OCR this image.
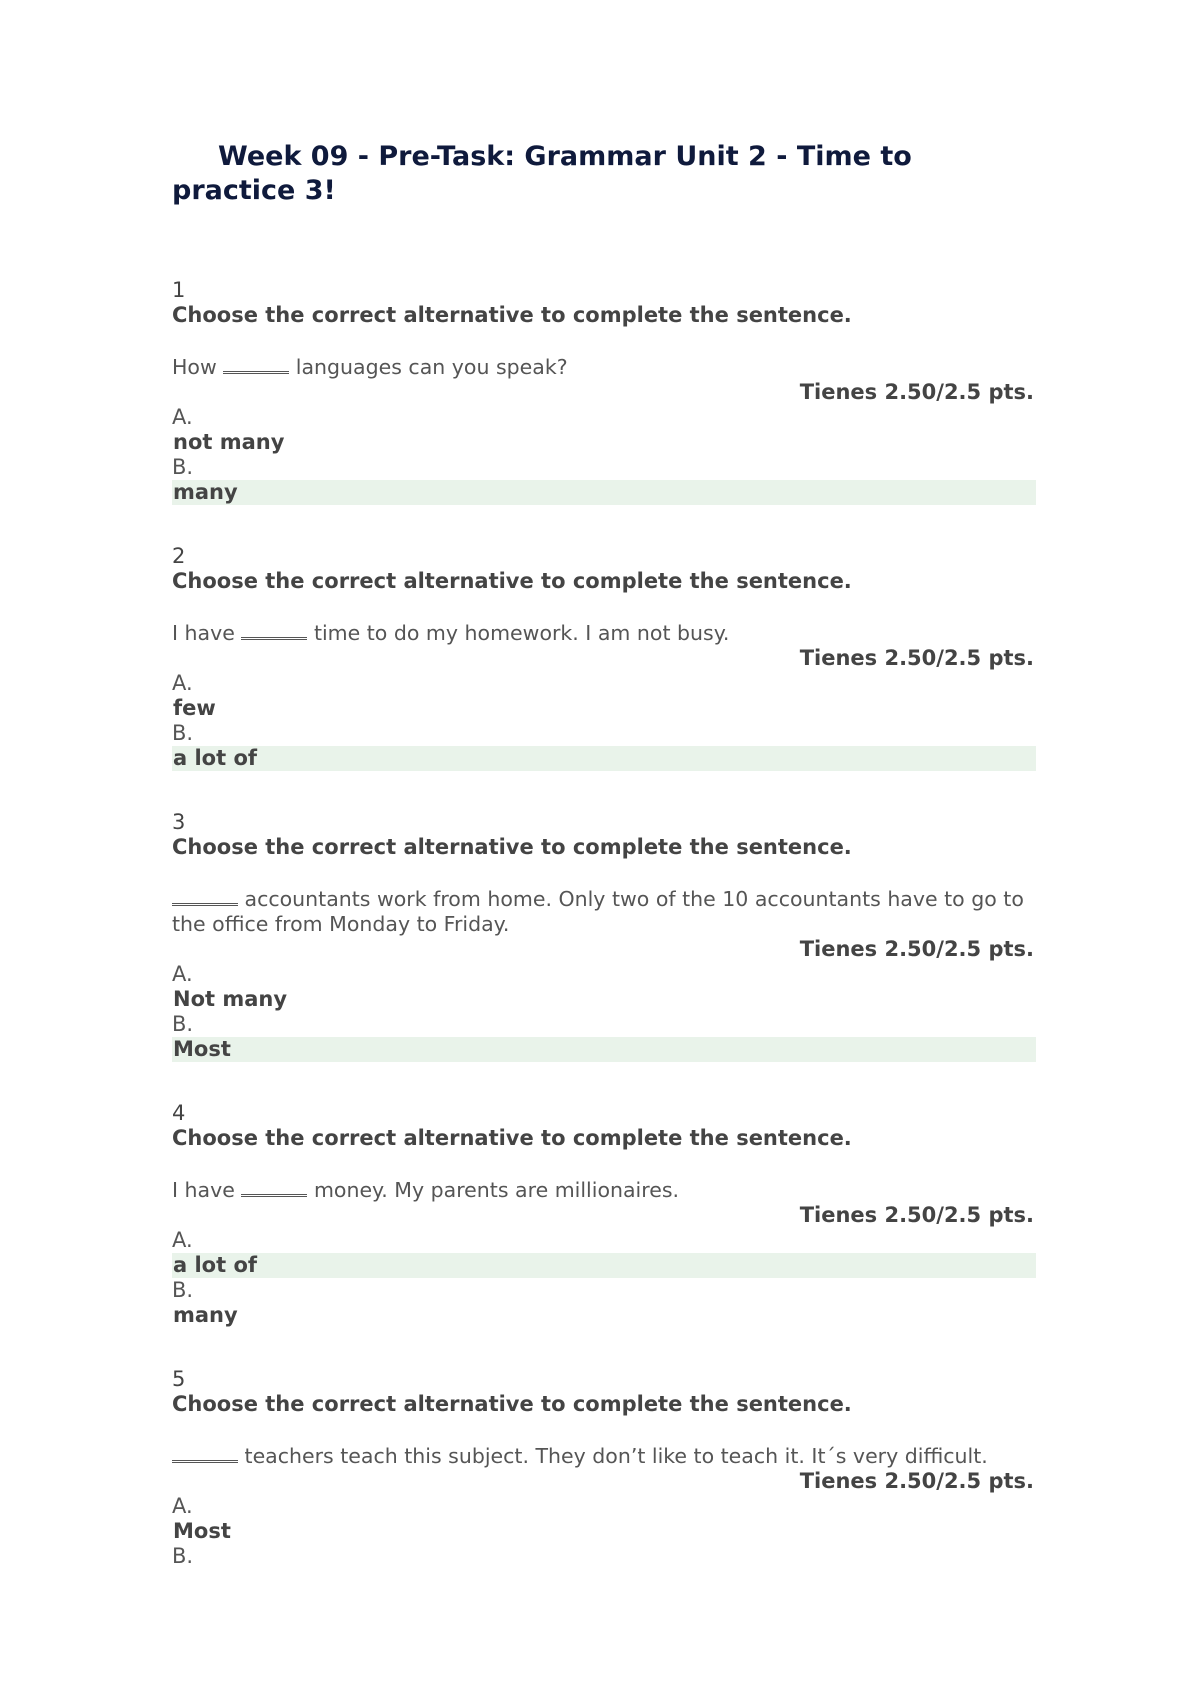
Week 09 - Pre-Task: Grammar Unit 2 - Time to practice 3!
1
Choose the correct alternative to complete the sentence.
How	languages can you speak?
Tienes 2.50/2.5 pts.
A.
not many
B.
many
2
Choose the correct alternative to complete the sentence.
I have	time to do my homework. I am not busy.
Tienes 2.50/2.5 pts.
A.
few
B.
a lot of
3
Choose the correct alternative to complete the sentence.
accountants work from home. Only two of the 10 accountants have to go to the office from Monday to Friday.
Tienes 2.50/2.5 pts.
A.
Not many
B.
Most
4
Choose the correct alternative to complete the sentence.
I have	money. My parents are millionaires.
Tienes 2.50/2.5 pts.
A.
a lot of
B.
many
5
Choose the correct alternative to complete the sentence.
teachers teach this subject. They don’t like to teach it. It´s very difficult.
Tienes 2.50/2.5 pts.
A.
Most
B.
